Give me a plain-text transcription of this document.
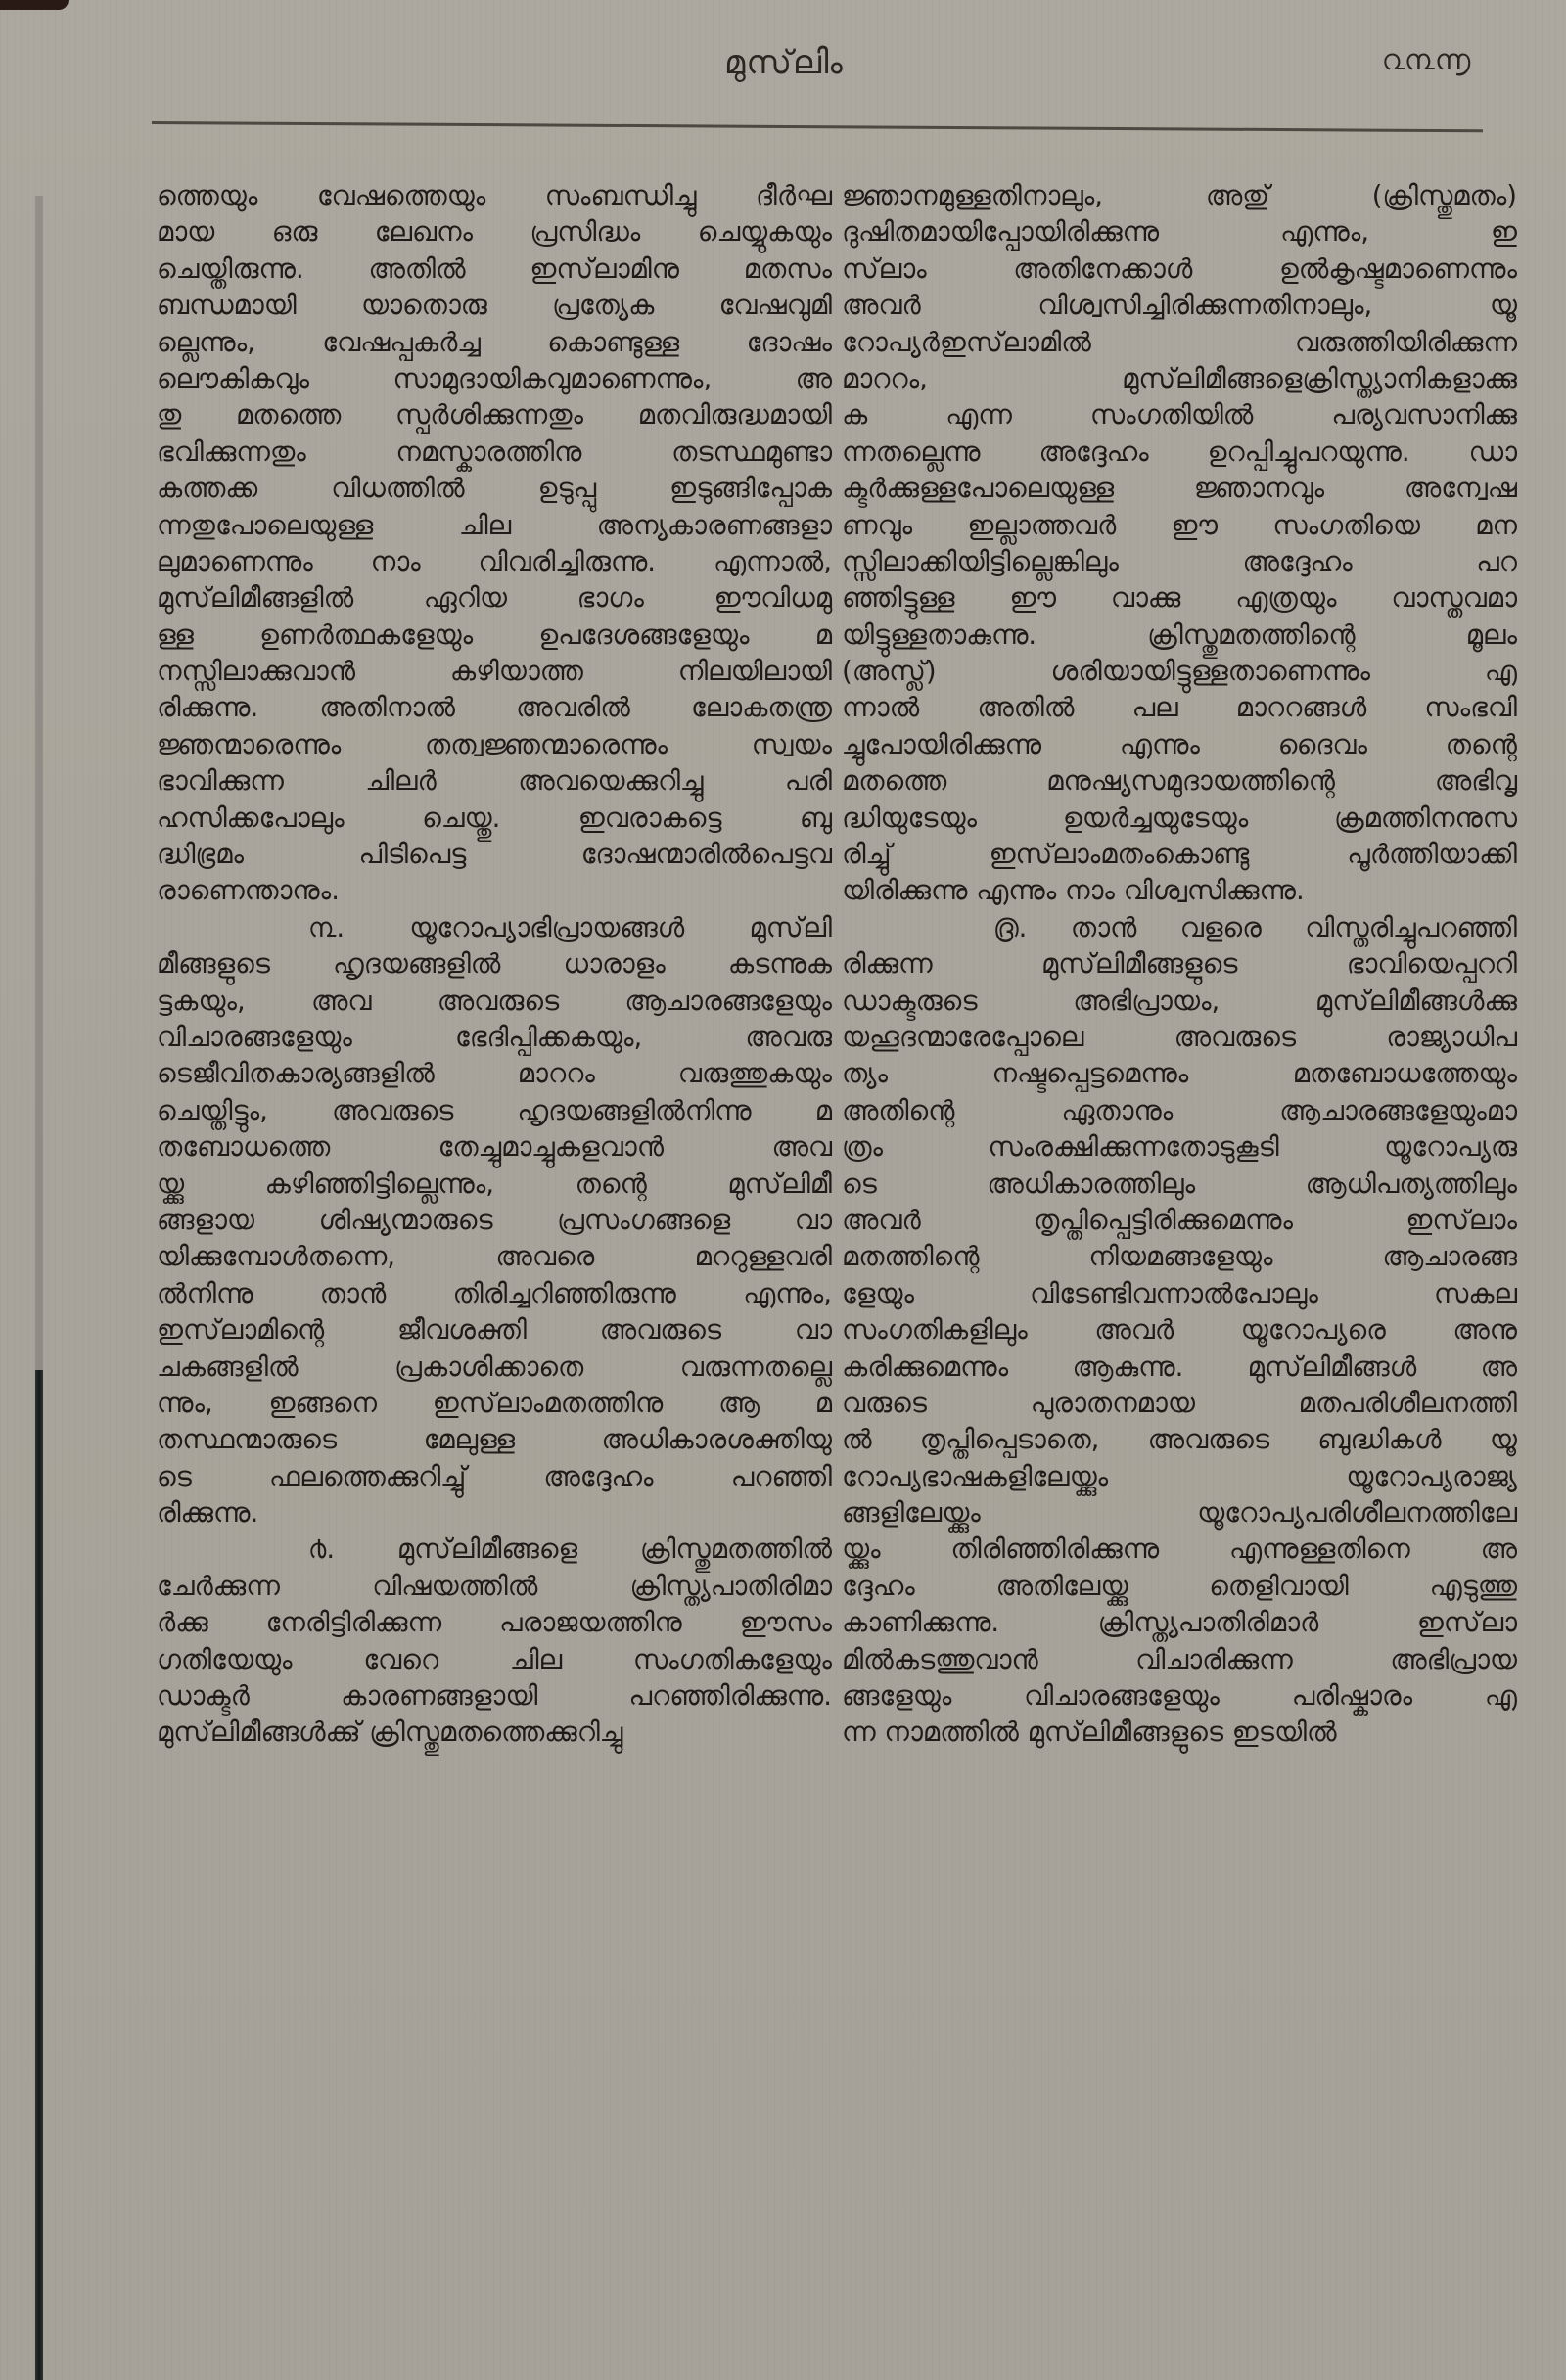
മുസ്‌ലിം	൨൩൬
ത്തെയും വേഷത്തെയും സംബന്ധിച്ചു ദീർഘ
മായ ഒരു ലേഖനം പ്രസിദ്ധം ചെയ്യുകയും
ചെയ്തിരുന്നു. അതിൽ ഇസ്‌ലാമിനു മതസം
ബന്ധമായി യാതൊരു പ്രത്യേക വേഷവുമി
ല്ലെന്നും, വേഷപ്പകർച്ച കൊണ്ടുള്ള ദോഷം
ലൌകികവും സാമുദായികവുമാണെന്നും, അ
തു മതത്തെ സ്പർശിക്കുന്നതും മതവിരുദ്ധമായി
ഭവിക്കുന്നതും നമസ്കാരത്തിനു തടസ്ഥമുണ്ടാ
കത്തക്ക വിധത്തിൽ ഉടുപ്പു ഇടുങ്ങിപ്പോക
ന്നതുപോലെയുള്ള ചില അന്യകാരണങ്ങളാ
ലുമാണെന്നും നാം വിവരിച്ചിരുന്നു. എന്നാൽ,
മുസ്‌ലിമീങ്ങളിൽ ഏറിയ ഭാഗം ഈവിധമു
ള്ള ഉണർത്ഥകളേയും ഉപദേശങ്ങളേയും മ
നസ്സിലാക്കുവാൻ കഴിയാത്ത നിലയിലായി
രിക്കുന്നു. അതിനാൽ അവരിൽ ലോകതന്ത്ര
ജ്ഞന്മാരെന്നും തത്വജ്ഞന്മാരെന്നും സ്വയം
ഭാവിക്കുന്ന ചിലർ അവയെക്കുറിച്ചു പരി
ഹസിക്കപോലും ചെയ്തു. ഇവരാകട്ടെ ബു
ദ്ധിഭ്രമം പിടിപെട്ട ദോഷന്മാരിൽപെട്ടവ
രാണെന്താനും.
൩. യൂറോപ്യാഭിപ്രായങ്ങൾ മുസ്‌ലി
മീങ്ങളുടെ ഹൃദയങ്ങളിൽ ധാരാളം കടന്നുക
ട്ടകയും, അവ അവരുടെ ആചാരങ്ങളേയും
വിചാരങ്ങളേയും ഭേദിപ്പിക്കകയും, അവരു
ടെജീവിതകാര്യങ്ങളിൽ മാററം വരുത്തുകയും
ചെയ്തിട്ടും, അവരുടെ ഹൃദയങ്ങളിൽനിന്നു മ
തബോധത്തെ തേച്ചുമാച്ചുകളവാൻ അവ
യ്ക്കു കഴിഞ്ഞിട്ടില്ലെന്നും, തന്റെ മുസ്‌ലിമീ
ങ്ങളായ ശിഷ്യന്മാരുടെ പ്രസംഗങ്ങളെ വാ
യിക്കുമ്പോൾതന്നെ, അവരെ മററുള്ളവരി
ൽനിന്നു താൻ തിരിച്ചറിഞ്ഞിരുന്നു എന്നും,
ഇസ്‌ലാമിന്റെ ജീവശക്തി അവരുടെ വാ
ചകങ്ങളിൽ പ്രകാശിക്കാതെ വരുന്നതല്ലെ
ന്നും, ഇങ്ങനെ ഇസ്‌ലാംമതത്തിനു ആ മ
തസ്ഥന്മാരുടെ മേലുള്ള അധികാരശക്തിയു
ടെ ഫലത്തെക്കുറിച്ചു് അദ്ദേഹം പറഞ്ഞി
രിക്കുന്നു.
൪. മുസ്‌ലിമീങ്ങളെ ക്രിസ്തുമതത്തിൽ
ചേർക്കുന്ന വിഷയത്തിൽ ക്രിസ്ത്യപാതിരിമാ
ർക്കു നേരിട്ടിരിക്കുന്ന പരാജയത്തിനു ഈസം
ഗതിയേയും വേറെ ചില സംഗതികളേയും
ഡാക്ടർ കാരണങ്ങളായി പറഞ്ഞിരിക്കുന്നു.
മുസ്‌ലിമീങ്ങൾക്കു് ക്രിസ്തുമതത്തെക്കുറിച്ചു
ജ്ഞാനമുള്ളതിനാലും, അതു് (ക്രിസ്തുമതം)
ദുഷിതമായിപ്പോയിരിക്കുന്നു എന്നും, ഇ
സ്‌ലാം അതിനേക്കാൾ ഉൽകൃഷ്ടമാണെന്നും
അവർ വിശ്വസിച്ചിരിക്കുന്നതിനാലും, യൂ
റോപ്യർഇസ്‌ലാമിൽ വരുത്തിയിരിക്കുന്ന
മാററം, മുസ്‌ലിമീങ്ങളെക്രിസ്ത്യാനികളാക്കു
ക എന്ന സംഗതിയിൽ പര്യവസാനിക്കു
ന്നതല്ലെന്നു അദ്ദേഹം ഉറപ്പിച്ചുപറയുന്നു. ഡാ
ക്ടർക്കുള്ളപോലെയുള്ള ജ്ഞാനവും അന്വേഷ
ണവും ഇല്ലാത്തവർ ഈ സംഗതിയെ മന
സ്സിലാക്കിയിട്ടില്ലെങ്കിലും അദ്ദേഹം പറ
ഞ്ഞിട്ടുള്ള ഈ വാക്കു എത്രയും വാസ്തവമാ
യിട്ടുള്ളതാകുന്നു. ക്രിസ്തുമതത്തിന്റെ മൂലം
(അസ്ല്) ശരിയായിട്ടുള്ളതാണെന്നും എ
ന്നാൽ അതിൽ പല മാററങ്ങൾ സംഭവി
ച്ചുപോയിരിക്കുന്നു എന്നും ദൈവം തന്റെ
മതത്തെ മനുഷ്യസമുദായത്തിന്റെ അഭിവൃ
ദ്ധിയുടേയും ഉയർച്ചയുടേയും ക്രമത്തിനനുസ
രിച്ചു് ഇസ്‌ലാംമതംകൊണ്ടു പൂർത്തിയാക്കി
യിരിക്കുന്നു എന്നും നാം വിശ്വസിക്കുന്നു.
൫. താൻ വളരെ വിസ്തരിച്ചുപറഞ്ഞി
രിക്കുന്ന മുസ്‌ലിമീങ്ങളുടെ ഭാവിയെപ്പററി
ഡാക്ടരുടെ അഭിപ്രായം, മുസ്‌ലിമീങ്ങൾക്കു
യഹൂദന്മാരേപ്പോലെ അവരുടെ രാജ്യാധിപ
ത്യം നഷ്ടപ്പെട്ടമെന്നും മതബോധത്തേയും
അതിന്റെ ഏതാനും ആചാരങ്ങളേയുംമാ
ത്രം സംരക്ഷിക്കുന്നതോടുകൂടി യൂറോപ്യരു
ടെ അധികാരത്തിലും ആധിപത്യത്തിലും
അവർ തൃപ്തിപ്പെട്ടിരിക്കുമെന്നും ഇസ്‌ലാം
മതത്തിന്റെ നിയമങ്ങളേയും ആചാരങ്ങ
ളേയും വിടേണ്ടിവന്നാൽപോലും സകല
സംഗതികളിലും അവർ യൂറോപ്യരെ അനു
കരിക്കുമെന്നും ആകുന്നു. മുസ്‌ലിമീങ്ങൾ അ
വരുടെ പുരാതനമായ മതപരിശീലനത്തി
ൽ തൃപ്തിപ്പെടാതെ, അവരുടെ ബുദ്ധികൾ യൂ
റോപ്യഭാഷകളിലേയ്ക്കും യൂറോപ്യരാജ്യ
ങ്ങളിലേയ്ക്കും യൂറോപ്യപരിശീലനത്തിലേ
യ്ക്കും തിരിഞ്ഞിരിക്കുന്നു എന്നുള്ളതിനെ അ
ദ്ദേഹം അതിലേയ്ക്കു തെളിവായി എടുത്തു
കാണിക്കുന്നു. ക്രിസ്ത്യപാതിരിമാർ ഇസ്‌ലാ
മിൽകടത്തുവാൻ വിചാരിക്കുന്ന അഭിപ്രായ
ങ്ങളേയും വിചാരങ്ങളേയും പരിഷ്കാരം എ
ന്ന നാമത്തിൽ മുസ്‌ലിമീങ്ങളുടെ ഇടയിൽ
